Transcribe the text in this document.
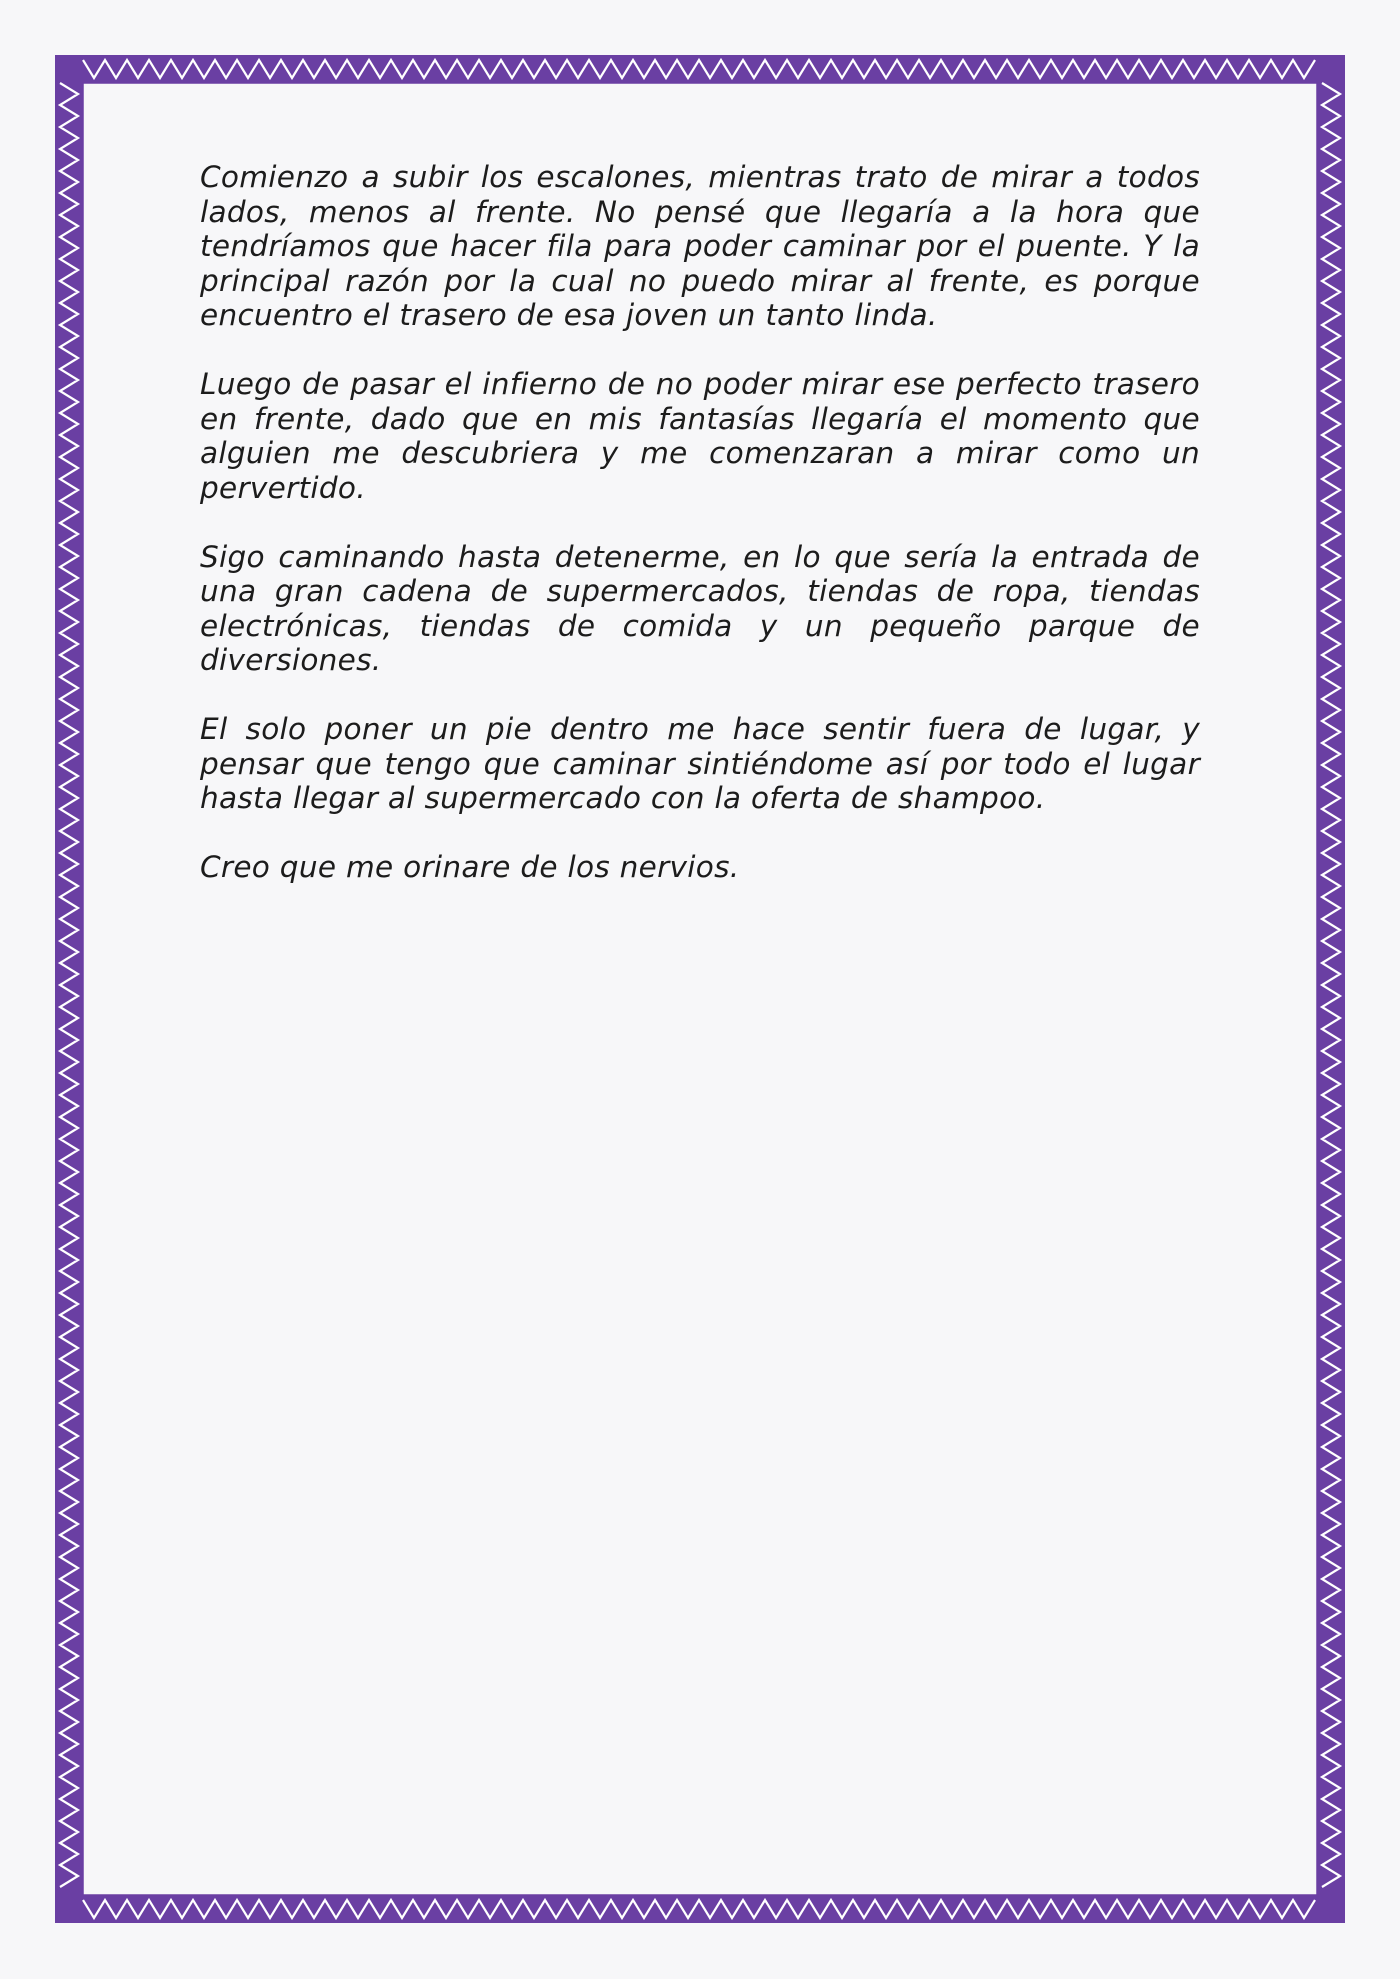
Comienzo a subir los escalones, mientras trato de mirar a todos lados, menos al frente. No pensé que llegaría a la hora que tendríamos que hacer fila para poder caminar por el puente. Y la principal razón por la cual no puedo mirar al frente, es porque encuentro el trasero de esa joven un tanto linda.

Luego de pasar el infierno de no poder mirar ese perfecto trasero en frente, dado que en mis fantasías llegaría el momento que alguien me descubriera y me comenzaran a mirar como un pervertido.

Sigo caminando hasta detenerme, en lo que sería la entrada de una gran cadena de supermercados, tiendas de ropa, tiendas electrónicas, tiendas de comida y un pequeño parque de diversiones.

El solo poner un pie dentro me hace sentir fuera de lugar, y pensar que tengo que caminar sintiéndome así por todo el lugar hasta llegar al supermercado con la oferta de shampoo.

Creo que me orinare de los nervios.
